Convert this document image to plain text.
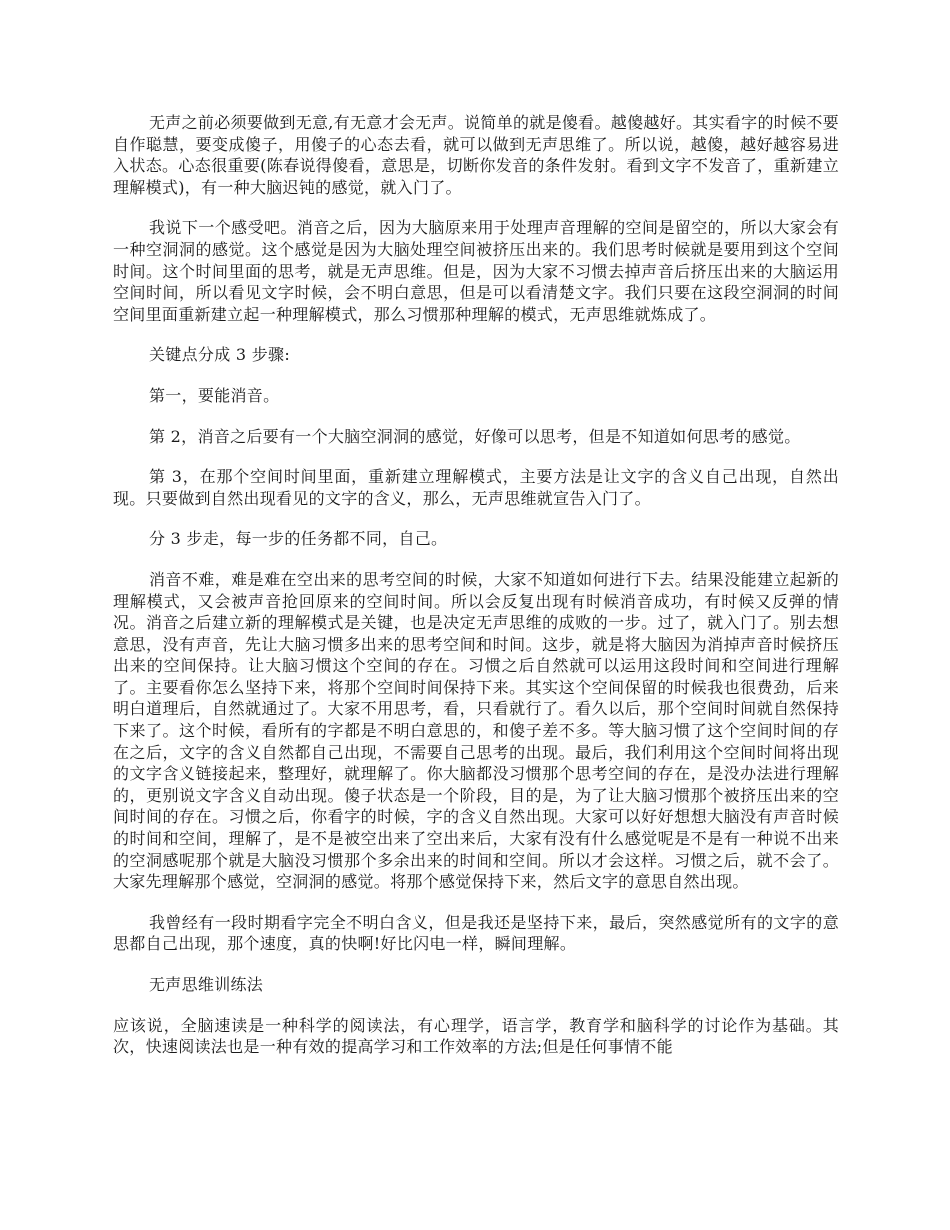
无声之前必须要做到无意,有无意才会无声。说简单的就是傻看。越傻越好。其实看字的时候不要自作聪慧，要变成傻子，用傻子的心态去看，就可以做到无声思维了。所以说，越傻，越好越容易进入状态。心态很重要(陈春说得傻看，意思是，切断你发音的条件发射。看到文字不发音了，重新建立理解模式)，有一种大脑迟钝的感觉，就入门了。

我说下一个感受吧。消音之后，因为大脑原来用于处理声音理解的空间是留空的，所以大家会有一种空洞洞的感觉。这个感觉是因为大脑处理空间被挤压出来的。我们思考时候就是要用到这个空间时间。这个时间里面的思考，就是无声思维。但是，因为大家不习惯去掉声音后挤压出来的大脑运用空间时间，所以看见文字时候，会不明白意思，但是可以看清楚文字。我们只要在这段空洞洞的时间空间里面重新建立起一种理解模式，那么习惯那种理解的模式，无声思维就炼成了。

关键点分成 3 步骤:

第一，要能消音。

第 2，消音之后要有一个大脑空洞洞的感觉，好像可以思考，但是不知道如何思考的感觉。

第 3，在那个空间时间里面，重新建立理解模式，主要方法是让文字的含义自己出现，自然出现。只要做到自然出现看见的文字的含义，那么，无声思维就宣告入门了。

分 3 步走，每一步的任务都不同，自己。

消音不难，难是难在空出来的思考空间的时候，大家不知道如何进行下去。结果没能建立起新的理解模式，又会被声音抢回原来的空间时间。所以会反复出现有时候消音成功，有时候又反弹的情况。消音之后建立新的理解模式是关键，也是决定无声思维的成败的一步。过了，就入门了。别去想意思，没有声音，先让大脑习惯多出来的思考空间和时间。这步，就是将大脑因为消掉声音时候挤压出来的空间保持。让大脑习惯这个空间的存在。习惯之后自然就可以运用这段时间和空间进行理解了。主要看你怎么坚持下来，将那个空间时间保持下来。其实这个空间保留的时候我也很费劲，后来明白道理后，自然就通过了。大家不用思考，看，只看就行了。看久以后，那个空间时间就自然保持下来了。这个时候，看所有的字都是不明白意思的，和傻子差不多。等大脑习惯了这个空间时间的存在之后，文字的含义自然都自己出现，不需要自己思考的出现。最后，我们利用这个空间时间将出现的文字含义链接起来，整理好，就理解了。你大脑都没习惯那个思考空间的存在，是没办法进行理解的，更别说文字含义自动出现。傻子状态是一个阶段，目的是，为了让大脑习惯那个被挤压出来的空间时间的存在。习惯之后，你看字的时候，字的含义自然出现。大家可以好好想想大脑没有声音时候的时间和空间，理解了，是不是被空出来了空出来后，大家有没有什么感觉呢是不是有一种说不出来的空洞感呢那个就是大脑没习惯那个多余出来的时间和空间。所以才会这样。习惯之后，就不会了。大家先理解那个感觉，空洞洞的感觉。将那个感觉保持下来，然后文字的意思自然出现。

我曾经有一段时期看字完全不明白含义，但是我还是坚持下来，最后，突然感觉所有的文字的意思都自己出现，那个速度，真的快啊!好比闪电一样，瞬间理解。

无声思维训练法

应该说，全脑速读是一种科学的阅读法，有心理学，语言学，教育学和脑科学的讨论作为基础。其次，快速阅读法也是一种有效的提高学习和工作效率的方法;但是任何事情不能
